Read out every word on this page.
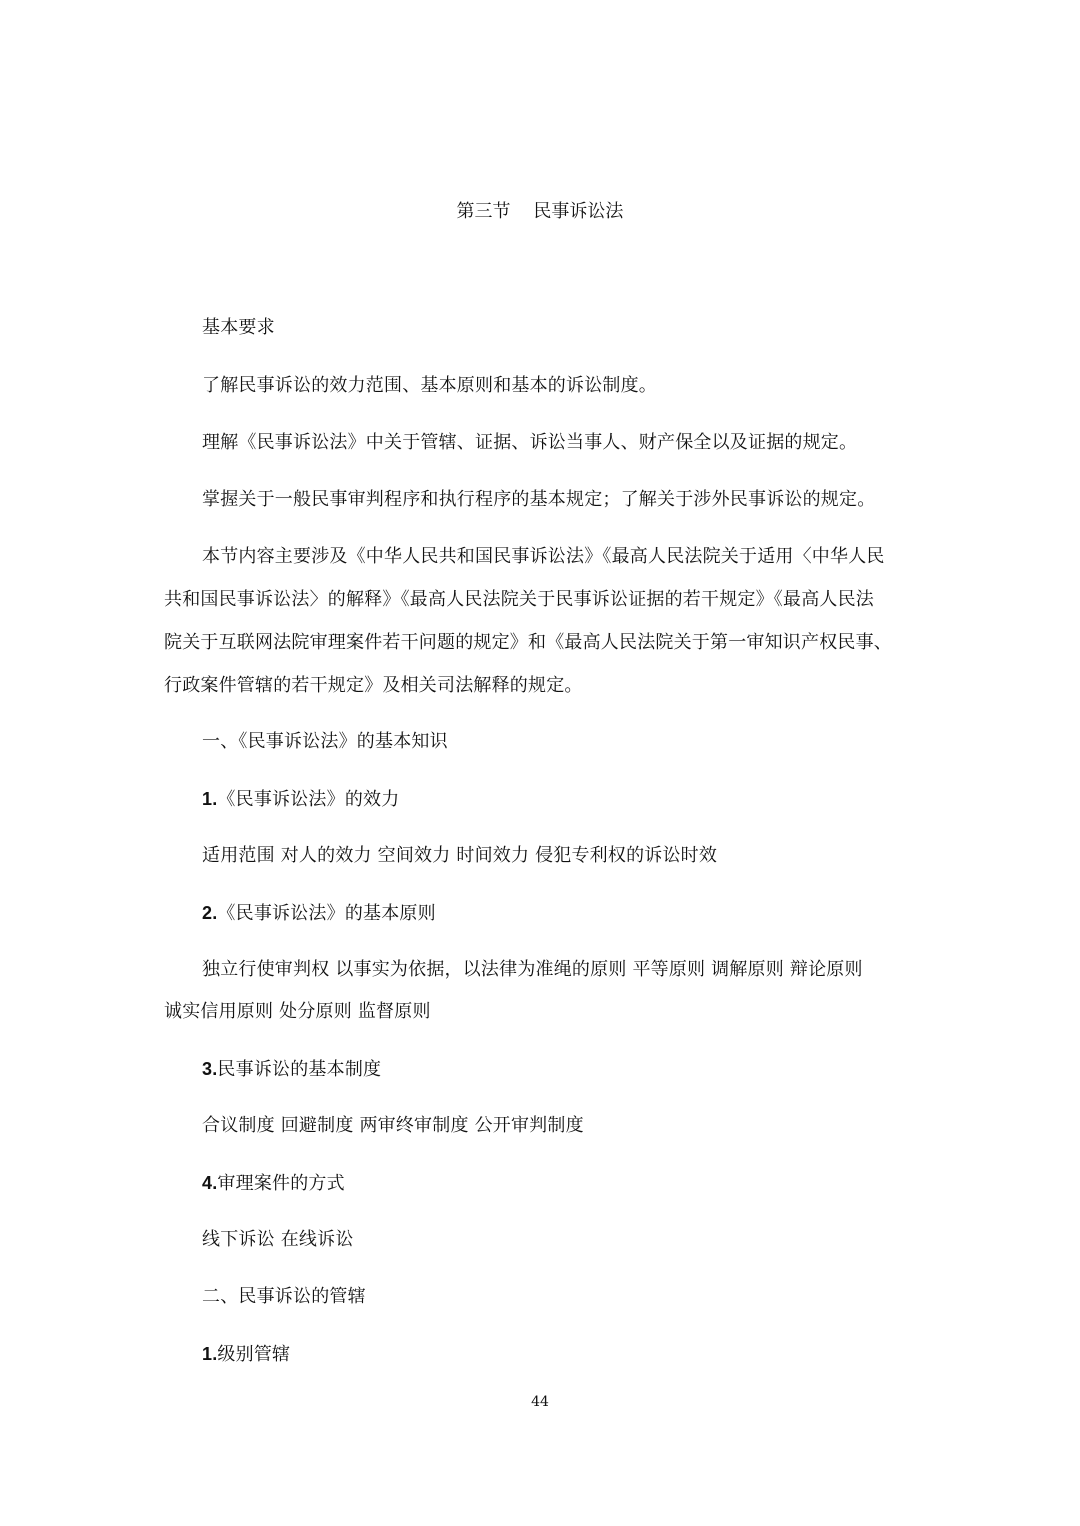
第三节    民事诉讼法
基本要求
了解民事诉讼的效力范围、基本原则和基本的诉讼制度。
理解《民事诉讼法》中关于管辖、证据、诉讼当事人、财产保全以及证据的规定。
掌握关于一般民事审判程序和执行程序的基本规定；了解关于涉外民事诉讼的规定。
本节内容主要涉及《中华人民共和国民事诉讼法》《最高人民法院关于适用〈中华人民
共和国民事诉讼法〉的解释》《最高人民法院关于民事诉讼证据的若干规定》《最高人民法
院关于互联网法院审理案件若干问题的规定》和《最高人民法院关于第一审知识产权民事、
行政案件管辖的若干规定》及相关司法解释的规定。
一、《民事诉讼法》的基本知识
1.《民事诉讼法》的效力
适用范围 对人的效力 空间效力 时间效力 侵犯专利权的诉讼时效
2.《民事诉讼法》的基本原则
独立行使审判权 以事实为依据，以法律为准绳的原则 平等原则 调解原则 辩论原则
诚实信用原则 处分原则 监督原则
3.民事诉讼的基本制度
合议制度 回避制度 两审终审制度 公开审判制度
4.审理案件的方式
线下诉讼 在线诉讼
二、民事诉讼的管辖
1.级别管辖
44
